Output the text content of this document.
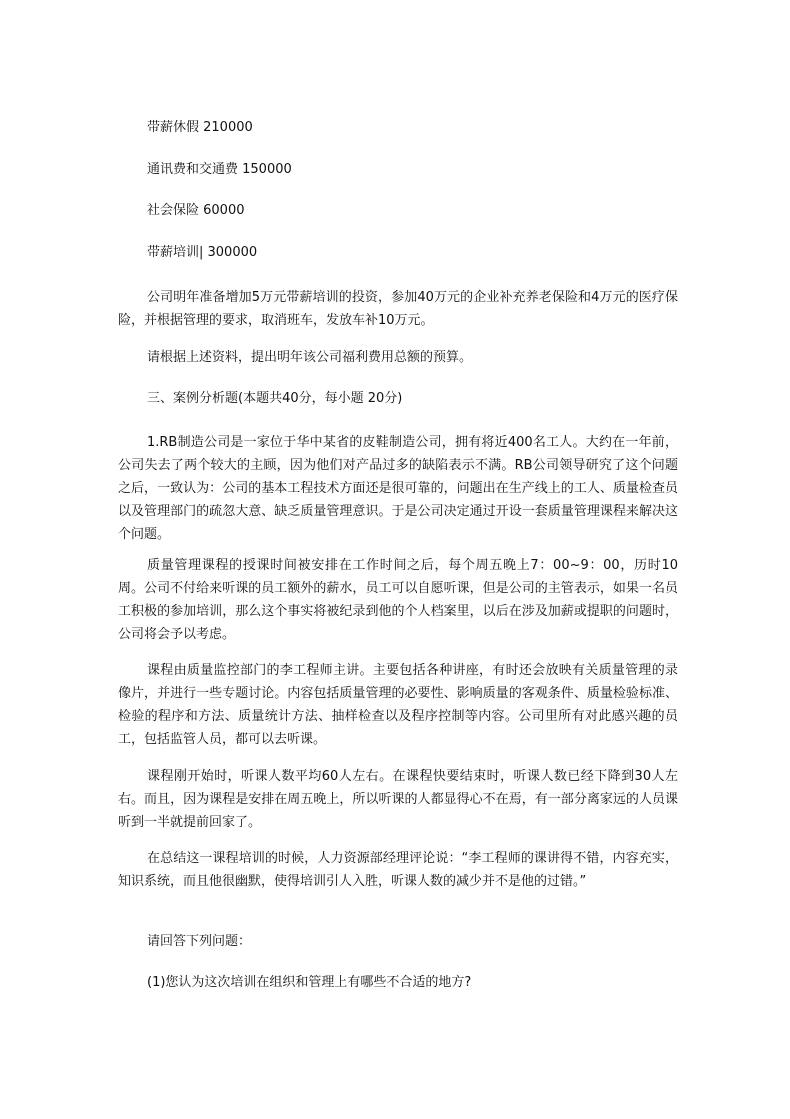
带薪休假 210000
通讯费和交通费 150000
社会保险 60000
带薪培训| 300000

公司明年准备增加5万元带薪培训的投资，参加40万元的企业补充养老保险和4万元的医疗保险，并根据管理的要求，取消班车，发放车补10万元。

请根据上述资料，提出明年该公司福利费用总额的预算。
三、案例分析题(本题共40分，每小题 20分)

1.RB制造公司是一家位于华中某省的皮鞋制造公司，拥有将近400名工人。大约在一年前，公司失去了两个较大的主顾，因为他们对产品过多的缺陷表示不满。RB公司领导研究了这个问题之后，一致认为：公司的基本工程技术方面还是很可靠的，问题出在生产线上的工人、质量检查员以及管理部门的疏忽大意、缺乏质量管理意识。于是公司决定通过开设一套质量管理课程来解决这个问题。

质量管理课程的授课时间被安排在工作时间之后，每个周五晚上7：00~9：00，历时10周。公司不付给来听课的员工额外的薪水，员工可以自愿听课，但是公司的主管表示，如果一名员工积极的参加培训，那么这个事实将被纪录到他的个人档案里，以后在涉及加薪或提职的问题时，公司将会予以考虑。

课程由质量监控部门的李工程师主讲。主要包括各种讲座，有时还会放映有关质量管理的录像片，并进行一些专题讨论。内容包括质量管理的必要性、影响质量的客观条件、质量检验标准、检验的程序和方法、质量统计方法、抽样检查以及程序控制等内容。公司里所有对此感兴趣的员工，包括监管人员，都可以去听课。

课程刚开始时，听课人数平均60人左右。在课程快要结束时，听课人数已经下降到30人左右。而且，因为课程是安排在周五晚上，所以听课的人都显得心不在焉，有一部分离家远的人员课听到一半就提前回家了。

在总结这一课程培训的时候，人力资源部经理评论说：“李工程师的课讲得不错，内容充实，知识系统，而且他很幽默，使得培训引人入胜，听课人数的减少并不是他的过错。”

请回答下列问题：
(1)您认为这次培训在组织和管理上有哪些不合适的地方?
